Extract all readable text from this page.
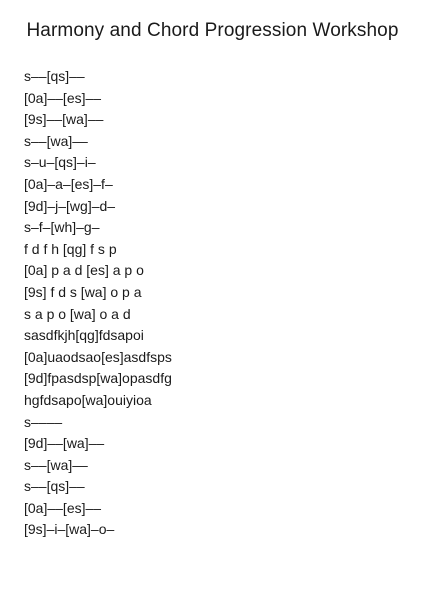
Harmony and Chord Progression Workshop
s––[qs]––
[0a]––[es]––
[9s]––[wa]––
s––[wa]––
s–u–[qs]–i–
[0a]–a–[es]–f–
[9d]–j–[wg]–d–
s–f–[wh]–g–
f d f h [qg] f s p
[0a] p a d [es] a p o
[9s] f d s [wa] o p a
s a p o [wa] o a d
sasdfkjh[qg]fdsapoi
[0a]uaodsao[es]asdfsps
[9d]fpasdsp[wa]opasdfg
hgfdsapo[wa]ouiyioa
s––––
[9d]––[wa]––
s––[wa]––
s––[qs]––
[0a]––[es]––
[9s]–i–[wa]–o–
